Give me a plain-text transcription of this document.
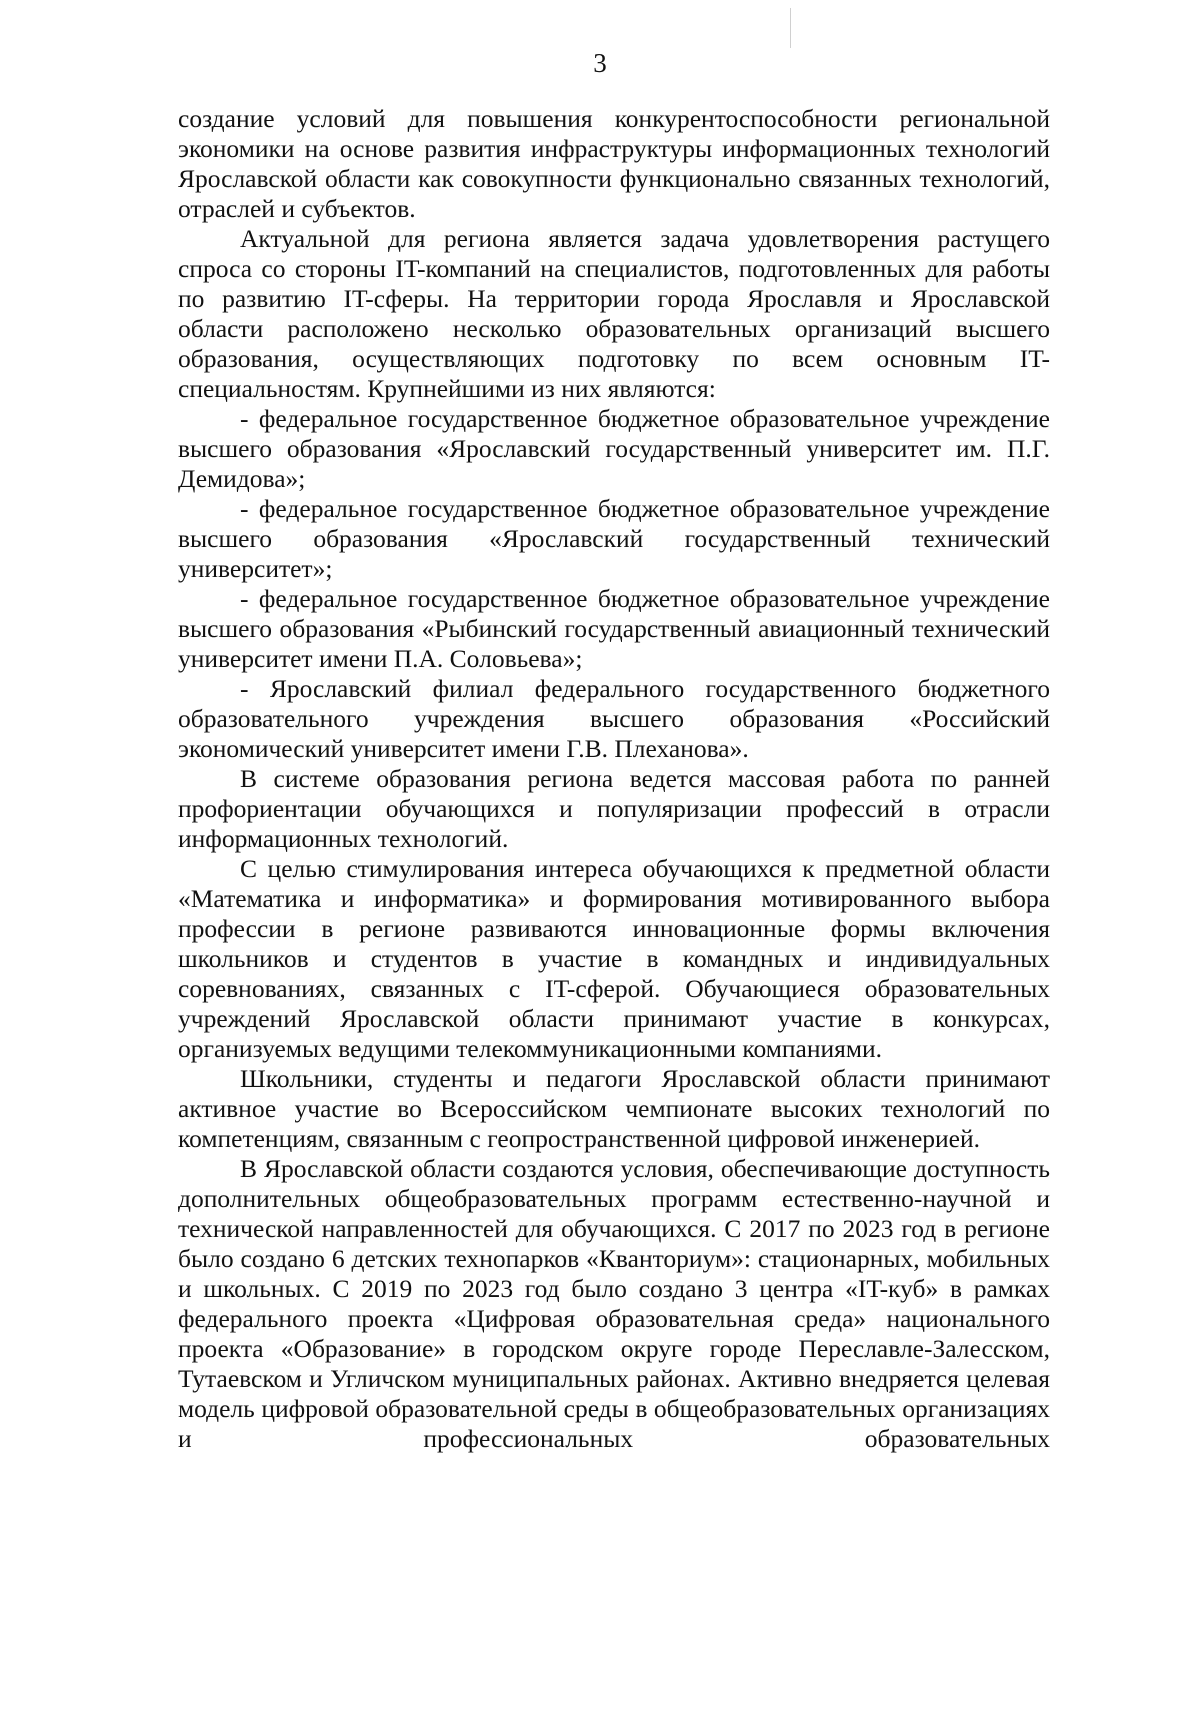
3

создание условий для повышения конкурентоспособности региональной экономики на основе развития инфраструктуры информационных технологий Ярославской области как совокупности функционально связанных технологий, отраслей и субъектов.

Актуальной для региона является задача удовлетворения растущего спроса со стороны IT-компаний на специалистов, подготовленных для работы по развитию IT-сферы. На территории города Ярославля и Ярославской области расположено несколько образовательных организаций высшего образования, осуществляющих подготовку по всем основным IT-специальностям. Крупнейшими из них являются:

- федеральное государственное бюджетное образовательное учреждение высшего образования «Ярославский государственный университет им. П.Г. Демидова»;

- федеральное государственное бюджетное образовательное учреждение высшего образования «Ярославский государственный технический университет»;

- федеральное государственное бюджетное образовательное учреждение высшего образования «Рыбинский государственный авиационный технический университет имени П.А. Соловьева»;

- Ярославский филиал федерального государственного бюджетного образовательного учреждения высшего образования «Российский экономический университет имени Г.В. Плеханова».

В системе образования региона ведется массовая работа по ранней профориентации обучающихся и популяризации профессий в отрасли информационных технологий.

С целью стимулирования интереса обучающихся к предметной области «Математика и информатика» и формирования мотивированного выбора профессии в регионе развиваются инновационные формы включения школьников и студентов в участие в командных и индивидуальных соревнованиях, связанных с IT-сферой. Обучающиеся образовательных учреждений Ярославской области принимают участие в конкурсах, организуемых ведущими телекоммуникационными компаниями.

Школьники, студенты и педагоги Ярославской области принимают активное участие во Всероссийском чемпионате высоких технологий по компетенциям, связанным с геопространственной цифровой инженерией.

В Ярославской области создаются условия, обеспечивающие доступность дополнительных общеобразовательных программ естественно-научной и технической направленностей для обучающихся. С 2017 по 2023 год в регионе было создано 6 детских технопарков «Кванториум»: стационарных, мобильных и школьных. С 2019 по 2023 год было создано 3 центра «IT-куб» в рамках федерального проекта «Цифровая образовательная среда» национального проекта «Образование» в городском округе городе Переславле-Залесском, Тутаевском и Угличском муниципальных районах. Активно внедряется целевая модель цифровой образовательной среды в общеобразовательных организациях и профессиональных образовательных
